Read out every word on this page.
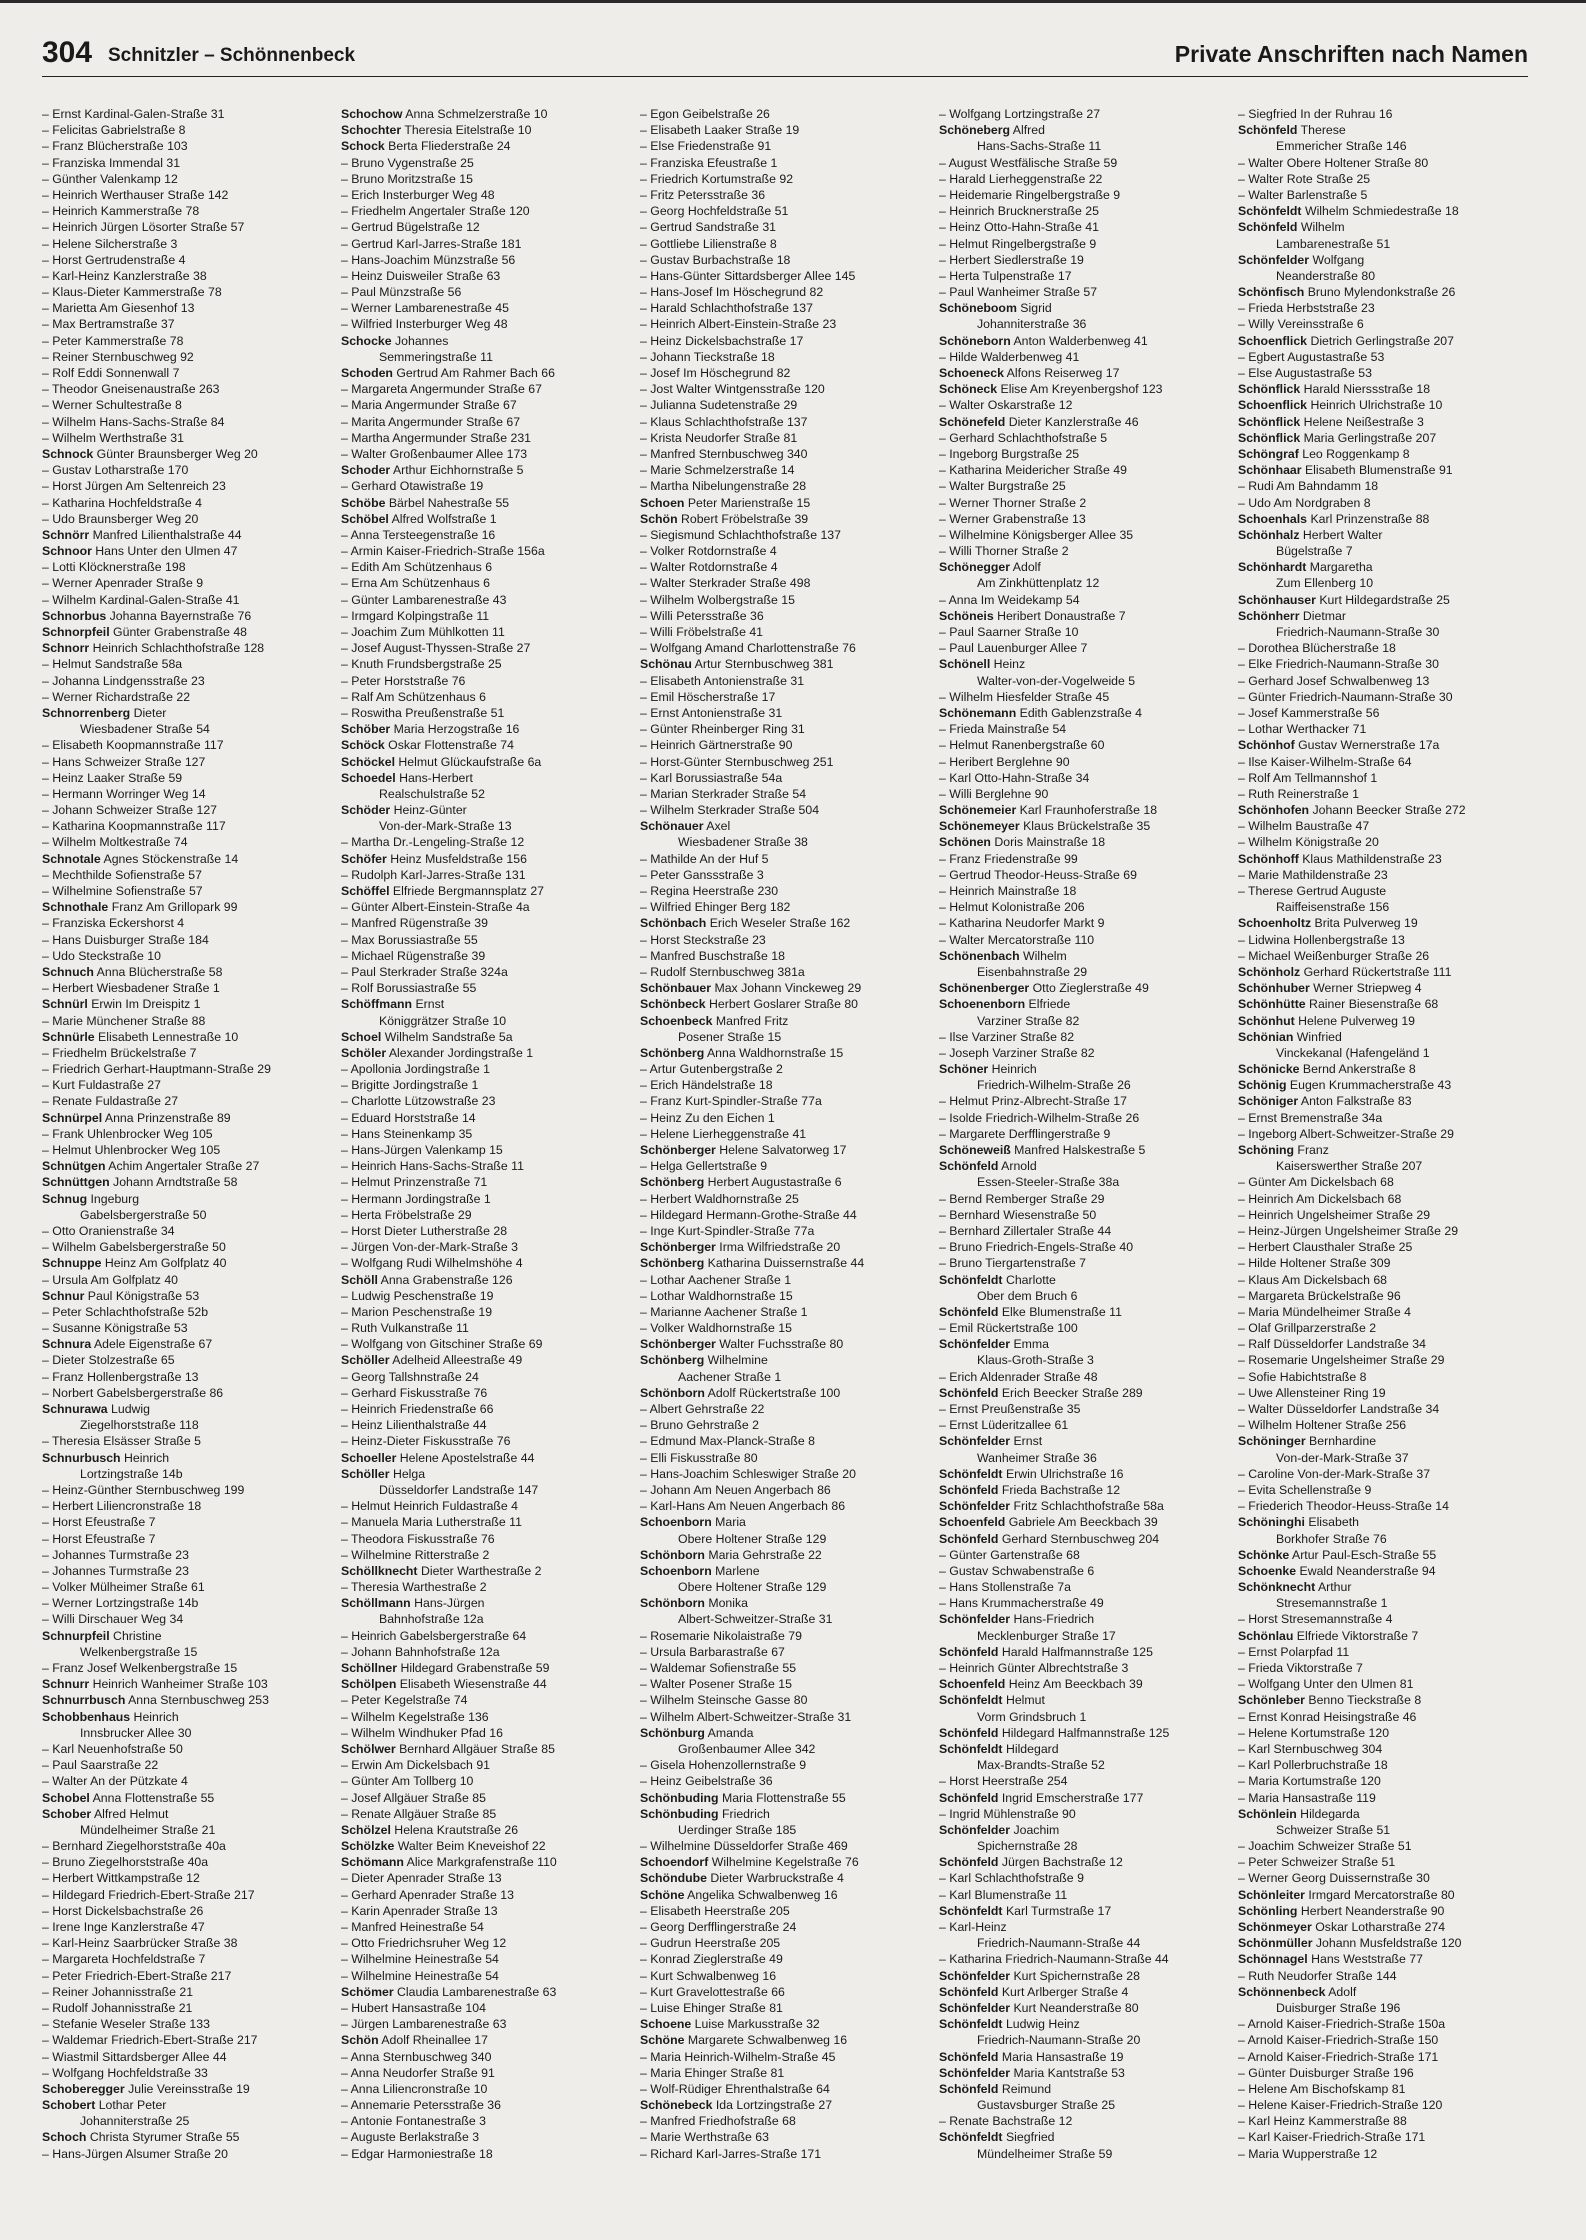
304 Schnitzler – Schönnenbeck	Private Anschriften nach Namen
– Ernst Kardinal-Galen-Straße 31
– Felicitas Gabrielstraße 8
– Franz Blücherstraße 103
– Franziska Immendal 31
– Günther Valenkamp 12
– Heinrich Werthauser Straße 142
– Heinrich Kammerstraße 78
– Heinrich Jürgen Lösorter Straße 57
– Helene Silcherstraße 3
– Horst Gertrudenstraße 4
– Karl-Heinz Kanzlerstraße 38
– Klaus-Dieter Kammerstraße 78
– Marietta Am Giesenhof 13
– Max Bertramstraße 37
– Peter Kammerstraße 78
– Reiner Sternbuschweg 92
– Rolf Eddi Sonnenwall 7
– Theodor Gneisenaustraße 263
– Werner Schultestraße 8
– Wilhelm Hans-Sachs-Straße 84
– Wilhelm Werthstraße 31
Schnock Günter Braunsberger Weg 20
– Gustav Lotharstraße 170
– Horst Jürgen Am Seltenreich 23
– Katharina Hochfeldstraße 4
– Udo Braunsberger Weg 20
Schnörr Manfred Lilienthalstraße 44
Schnoor Hans Unter den Ulmen 47
– Lotti Klöcknerstraße 198
– Werner Apenrader Straße 9
– Wilhelm Kardinal-Galen-Straße 41
Schnorbus Johanna Bayernstraße 76
Schnorpfeil Günter Grabenstraße 48
Schnorr Heinrich Schlachthofstraße 128
– Helmut Sandstraße 58a
– Johanna Lindgensstraße 23
– Werner Richardstraße 22
Schnorrenberg Dieter
Wiesbadener Straße 54
– Elisabeth Koopmannstraße 117
– Hans Schweizer Straße 127
– Heinz Laaker Straße 59
– Hermann Worringer Weg 14
– Johann Schweizer Straße 127
– Katharina Koopmannstraße 117
– Wilhelm Moltkestraße 74
Schnotale Agnes Stöckenstraße 14
– Mechthilde Sofienstraße 57
– Wilhelmine Sofienstraße 57
Schnothale Franz Am Grillopark 99
– Franziska Eckershorst 4
– Hans Duisburger Straße 184
– Udo Steckstraße 10
Schnuch Anna Blücherstraße 58
– Herbert Wiesbadener Straße 1
Schnürl Erwin Im Dreispitz 1
– Marie Münchener Straße 88
Schnürle Elisabeth Lennestraße 10
– Friedhelm Brückelstraße 7
– Friedrich Gerhart-Hauptmann-Straße 29
– Kurt Fuldastraße 27
– Renate Fuldastraße 27
Schnürpel Anna Prinzenstraße 89
– Frank Uhlenbrocker Weg 105
– Helmut Uhlenbrocker Weg 105
Schnütgen Achim Angertaler Straße 27
Schnüttgen Johann Arndtstraße 58
Schnug Ingeburg
Gabelsbergerstraße 50
– Otto Oranienstraße 34
– Wilhelm Gabelsbergerstraße 50
Schnuppe Heinz Am Golfplatz 40
– Ursula Am Golfplatz 40
Schnur Paul Königstraße 53
– Peter Schlachthofstraße 52b
– Susanne Königstraße 53
Schnura Adele Eigenstraße 67
– Dieter Stolzestraße 65
– Franz Hollenbergstraße 13
– Norbert Gabelsbergerstraße 86
Schnurawa Ludwig
Ziegelhorststraße 118
– Theresia Elsässer Straße 5
Schnurbusch Heinrich
Lortzingstraße 14b
– Heinz-Günther Sternbuschweg 199
– Herbert Liliencronstraße 18
– Horst Efeustraße 7
– Horst Efeustraße 7
– Johannes Turmstraße 23
– Johannes Turmstraße 23
– Volker Mülheimer Straße 61
– Werner Lortzingstraße 14b
– Willi Dirschauer Weg 34
Schnurpfeil Christine
Welkenbergstraße 15
– Franz Josef Welkenbergstraße 15
Schnurr Heinrich Wanheimer Straße 103
Schnurrbusch Anna Sternbuschweg 253
Schobbenhaus Heinrich
Innsbrucker Allee 30
– Karl Neuenhofstraße 50
– Paul Saarstraße 22
– Walter An der Pützkate 4
Schobel Anna Flottenstraße 55
Schober Alfred Helmut
Mündelheimer Straße 21
– Bernhard Ziegelhorststraße 40a
– Bruno Ziegelhorststraße 40a
– Herbert Wittkampstraße 12
– Hildegard Friedrich-Ebert-Straße 217
– Horst Dickelsbachstraße 26
– Irene Inge Kanzlerstraße 47
– Karl-Heinz Saarbrücker Straße 38
– Margareta Hochfeldstraße 7
– Peter Friedrich-Ebert-Straße 217
– Reiner Johannisstraße 21
– Rudolf Johannisstraße 21
– Stefanie Weseler Straße 133
– Waldemar Friedrich-Ebert-Straße 217
– Wiastmil Sittardsberger Allee 44
– Wolfgang Hochfeldstraße 33
Schoberegger Julie Vereinsstraße 19
Schobert Lothar Peter
Johanniterstraße 25
Schoch Christa Styrumer Straße 55
– Hans-Jürgen Alsumer Straße 20
Schochow Anna Schmelzerstraße 10
Schochter Theresia Eitelstraße 10
Schock Berta Fliederstraße 24
– Bruno Vygenstraße 25
– Bruno Moritzstraße 15
– Erich Insterburger Weg 48
– Friedhelm Angertaler Straße 120
– Gertrud Bügelstraße 12
– Gertrud Karl-Jarres-Straße 181
– Hans-Joachim Münzstraße 56
– Heinz Duisweiler Straße 63
– Paul Münzstraße 56
– Werner Lambarenestraße 45
– Wilfried Insterburger Weg 48
Schocke Johannes
Semmeringstraße 11
Schoden Gertrud Am Rahmer Bach 66
– Margareta Angermunder Straße 67
– Maria Angermunder Straße 67
– Marita Angermunder Straße 67
– Martha Angermunder Straße 231
– Walter Großenbaumer Allee 173
Schoder Arthur Eichhornstraße 5
– Gerhard Otawistraße 19
Schöbe Bärbel Nahestraße 55
Schöbel Alfred Wolfstraße 1
– Anna Tersteegenstraße 16
– Armin Kaiser-Friedrich-Straße 156a
– Edith Am Schützenhaus 6
– Erna Am Schützenhaus 6
– Günter Lambarenestraße 43
– Irmgard Kolpingstraße 11
– Joachim Zum Mühlkotten 11
– Josef August-Thyssen-Straße 27
– Knuth Frundsbergstraße 25
– Peter Horststraße 76
– Ralf Am Schützenhaus 6
– Roswitha Preußenstraße 51
Schöber Maria Herzogstraße 16
Schöck Oskar Flottenstraße 74
Schöckel Helmut Glückaufstraße 6a
Schoedel Hans-Herbert
Realschulstraße 52
Schöder Heinz-Günter
Von-der-Mark-Straße 13
– Martha Dr.-Lengeling-Straße 12
Schöfer Heinz Musfeldstraße 156
– Rudolph Karl-Jarres-Straße 131
Schöffel Elfriede Bergmannsplatz 27
– Günter Albert-Einstein-Straße 4a
– Manfred Rügenstraße 39
– Max Borussiastraße 55
– Michael Rügenstraße 39
– Paul Sterkrader Straße 324a
– Rolf Borussiastraße 55
Schöffmann Ernst
Königgrätzer Straße 10
Schoel Wilhelm Sandstraße 5a
Schöler Alexander Jordingstraße 1
– Apollonia Jordingstraße 1
– Brigitte Jordingstraße 1
– Charlotte Lützowstraße 23
– Eduard Horststraße 14
– Hans Steinenkamp 35
– Hans-Jürgen Valenkamp 15
– Heinrich Hans-Sachs-Straße 11
– Helmut Prinzenstraße 71
– Hermann Jordingstraße 1
– Herta Fröbelstraße 29
– Horst Dieter Lutherstraße 28
– Jürgen Von-der-Mark-Straße 3
– Wolfgang Rudi Wilhelmshöhe 4
Schöll Anna Grabenstraße 126
– Ludwig Peschenstraße 19
– Marion Peschenstraße 19
– Ruth Vulkanstraße 11
– Wolfgang von Gitschiner Straße 69
Schöller Adelheid Alleestraße 49
– Georg Tallshnstraße 24
– Gerhard Fiskusstraße 76
– Heinrich Friedenstraße 66
– Heinz Lilienthalstraße 44
– Heinz-Dieter Fiskusstraße 76
Schoeller Helene Apostelstraße 44
Schöller Helga
Düsseldorfer Landstraße 147
– Helmut Heinrich Fuldastraße 4
– Manuela Maria Lutherstraße 11
– Theodora Fiskusstraße 76
– Wilhelmine Ritterstraße 2
Schöllknecht Dieter Warthestraße 2
– Theresia Warthestraße 2
Schöllmann Hans-Jürgen
Bahnhofstraße 12a
– Heinrich Gabelsbergerstraße 64
– Johann Bahnhofstraße 12a
Schöllner Hildegard Grabenstraße 59
Schölpen Elisabeth Wiesenstraße 44
– Peter Kegelstraße 74
– Wilhelm Kegelstraße 136
– Wilhelm Windhuker Pfad 16
Schölwer Bernhard Allgäuer Straße 85
– Erwin Am Dickelsbach 91
– Günter Am Tollberg 10
– Josef Allgäuer Straße 85
– Renate Allgäuer Straße 85
Schölzel Helena Krautstraße 26
Schölzke Walter Beim Kneveishof 22
Schömann Alice Markgrafenstraße 110
– Dieter Apenrader Straße 13
– Gerhard Apenrader Straße 13
– Karin Apenrader Straße 13
– Manfred Heinestraße 54
– Otto Friedrichsruher Weg 12
– Wilhelmine Heinestraße 54
– Wilhelmine Heinestraße 54
Schömer Claudia Lambarenestraße 63
– Hubert Hansastraße 104
– Jürgen Lambarenestraße 63
Schön Adolf Rheinallee 17
– Anna Sternbuschweg 340
– Anna Neudorfer Straße 91
– Anna Liliencronstraße 10
– Annemarie Petersstraße 36
– Antonie Fontanestraße 3
– Auguste Berlakstraße 3
– Edgar Harmoniestraße 18
– Egon Geibelstraße 26
– Elisabeth Laaker Straße 19
– Else Friedenstraße 91
– Franziska Efeustraße 1
– Friedrich Kortumstraße 92
– Fritz Petersstraße 36
– Georg Hochfeldstraße 51
– Gertrud Sandstraße 31
– Gottliebe Lilienstraße 8
– Gustav Burbachstraße 18
– Hans-Günter Sittardsberger Allee 145
– Hans-Josef Im Höschegrund 82
– Harald Schlachthofstraße 137
– Heinrich Albert-Einstein-Straße 23
– Heinz Dickelsbachstraße 17
– Johann Tieckstraße 18
– Josef Im Höschegrund 82
– Jost Walter Wintgensstraße 120
– Julianna Sudetenstraße 29
– Klaus Schlachthofstraße 137
– Krista Neudorfer Straße 81
– Manfred Sternbuschweg 340
– Marie Schmelzerstraße 14
– Martha Nibelungenstraße 28
Schoen Peter Marienstraße 15
Schön Robert Fröbelstraße 39
– Siegismund Schlachthofstraße 137
– Volker Rotdornstraße 4
– Walter Rotdornstraße 4
– Walter Sterkrader Straße 498
– Wilhelm Wolbergstraße 15
– Willi Petersstraße 36
– Willi Fröbelstraße 41
– Wolfgang Amand Charlottenstraße 76
Schönau Artur Sternbuschweg 381
– Elisabeth Antonienstraße 31
– Emil Höscherstraße 17
– Ernst Antonienstraße 31
– Günter Rheinberger Ring 31
– Heinrich Gärtnerstraße 90
– Horst-Günter Sternbuschweg 251
– Karl Borussiastraße 54a
– Marian Sterkrader Straße 54
– Wilhelm Sterkrader Straße 504
Schönauer Axel
Wiesbadener Straße 38
– Mathilde An der Huf 5
– Peter Ganssstraße 3
– Regina Heerstraße 230
– Wilfried Ehinger Berg 182
Schönbach Erich Weseler Straße 162
– Horst Steckstraße 23
– Manfred Buschstraße 18
– Rudolf Sternbuschweg 381a
Schönbauer Max Johann Vinckeweg 29
Schönbeck Herbert Goslarer Straße 80
Schoenbeck Manfred Fritz
Posener Straße 15
Schönberg Anna Waldhornstraße 15
– Artur Gutenbergstraße 2
– Erich Händelstraße 18
– Franz Kurt-Spindler-Straße 77a
– Heinz Zu den Eichen 1
– Helene Lierheggenstraße 41
Schönberger Helene Salvatorweg 17
– Helga Gellertstraße 9
Schönberg Herbert Augustastraße 6
– Herbert Waldhornstraße 25
– Hildegard Hermann-Grothe-Straße 44
– Inge Kurt-Spindler-Straße 77a
Schönberger Irma Wilfriedstraße 20
Schönberg Katharina Duissernstraße 44
– Lothar Aachener Straße 1
– Lothar Waldhornstraße 15
– Marianne Aachener Straße 1
– Volker Waldhornstraße 15
Schönberger Walter Fuchsstraße 80
Schönberg Wilhelmine
Aachener Straße 1
Schönborn Adolf Rückertstraße 100
– Albert Gehrstraße 22
– Bruno Gehrstraße 2
– Edmund Max-Planck-Straße 8
– Elli Fiskusstraße 80
– Hans-Joachim Schleswiger Straße 20
– Johann Am Neuen Angerbach 86
– Karl-Hans Am Neuen Angerbach 86
Schoenborn Maria
Obere Holtener Straße 129
Schönborn Maria Gehrstraße 22
Schoenborn Marlene
Obere Holtener Straße 129
Schönborn Monika
Albert-Schweitzer-Straße 31
– Rosemarie Nikolaistraße 79
– Ursula Barbarastraße 67
– Waldemar Sofienstraße 55
– Walter Posener Straße 15
– Wilhelm Steinsche Gasse 80
– Wilhelm Albert-Schweitzer-Straße 31
Schönburg Amanda
Großenbaumer Allee 342
– Gisela Hohenzollernstraße 9
– Heinz Geibelstraße 36
Schönbuding Maria Flottenstraße 55
Schönbuding Friedrich
Uerdinger Straße 185
– Wilhelmine Düsseldorfer Straße 469
Schoendorf Wilhelmine Kegelstraße 76
Schöndube Dieter Warbruckstraße 4
Schöne Angelika Schwalbenweg 16
– Elisabeth Heerstraße 205
– Georg Derfflingerstraße 24
– Gudrun Heerstraße 205
– Konrad Zieglerstraße 49
– Kurt Schwalbenweg 16
– Kurt Gravelottestraße 66
– Luise Ehinger Straße 81
Schoene Luise Markusstraße 32
Schöne Margarete Schwalbenweg 16
– Maria Heinrich-Wilhelm-Straße 45
– Maria Ehinger Straße 81
– Wolf-Rüdiger Ehrenthalstraße 64
Schönebeck Ida Lortzingstraße 27
– Manfred Friedhofstraße 68
– Marie Werthstraße 63
– Richard Karl-Jarres-Straße 171
– Wolfgang Lortzingstraße 27
Schöneberg Alfred
Hans-Sachs-Straße 11
– August Westfälische Straße 59
– Harald Lierheggenstraße 22
– Heidemarie Ringelbergstraße 9
– Heinrich Brucknerstraße 25
– Heinz Otto-Hahn-Straße 41
– Helmut Ringelbergstraße 9
– Herbert Siedlerstraße 19
– Herta Tulpenstraße 17
– Paul Wanheimer Straße 57
Schöneboom Sigrid
Johanniterstraße 36
Schöneborn Anton Walderbenweg 41
– Hilde Walderbenweg 41
Schoeneck Alfons Reiserweg 17
Schöneck Elise Am Kreyenbergshof 123
– Walter Oskarstraße 12
Schönefeld Dieter Kanzlerstraße 46
– Gerhard Schlachthofstraße 5
– Ingeborg Burgstraße 25
– Katharina Meidericher Straße 49
– Walter Burgstraße 25
– Werner Thorner Straße 2
– Werner Grabenstraße 13
– Wilhelmine Königsberger Allee 35
– Willi Thorner Straße 2
Schönegger Adolf
Am Zinkhüttenplatz 12
– Anna Im Weidekamp 54
Schöneis Heribert Donaustraße 7
– Paul Saarner Straße 10
– Paul Lauenburger Allee 7
Schönell Heinz
Walter-von-der-Vogelweide 5
– Wilhelm Hiesfelder Straße 45
Schönemann Edith Gablenzstraße 4
– Frieda Mainstraße 54
– Helmut Ranenbergstraße 60
– Heribert Berglehne 90
– Karl Otto-Hahn-Straße 34
– Willi Berglehne 90
Schönemeier Karl Fraunhoferstraße 18
Schönemeyer Klaus Brückelstraße 35
Schönen Doris Mainstraße 18
– Franz Friedenstraße 99
– Gertrud Theodor-Heuss-Straße 69
– Heinrich Mainstraße 18
– Helmut Kolonistraße 206
– Katharina Neudorfer Markt 9
– Walter Mercatorstraße 110
Schönenbach Wilhelm
Eisenbahnstraße 29
Schönenberger Otto Zieglerstraße 49
Schoenenborn Elfriede
Varziner Straße 82
– Ilse Varziner Straße 82
– Joseph Varziner Straße 82
Schöner Heinrich
Friedrich-Wilhelm-Straße 26
– Helmut Prinz-Albrecht-Straße 17
– Isolde Friedrich-Wilhelm-Straße 26
– Margarete Derfflingerstraße 9
Schöneweiß Manfred Halskestraße 5
Schönfeld Arnold
Essen-Steeler-Straße 38a
– Bernd Remberger Straße 29
– Bernhard Wiesenstraße 50
– Bernhard Zillertaler Straße 44
– Bruno Friedrich-Engels-Straße 40
– Bruno Tiergartenstraße 7
Schönfeldt Charlotte
Ober dem Bruch 6
Schönfeld Elke Blumenstraße 11
– Emil Rückertstraße 100
Schönfelder Emma
Klaus-Groth-Straße 3
– Erich Aldenrader Straße 48
Schönfeld Erich Beecker Straße 289
– Ernst Preußenstraße 35
– Ernst Lüderitzallee 61
Schönfelder Ernst
Wanheimer Straße 36
Schönfeldt Erwin Ulrichstraße 16
Schönfeld Frieda Bachstraße 12
Schönfelder Fritz Schlachthofstraße 58a
Schoenfeld Gabriele Am Beeckbach 39
Schönfeld Gerhard Sternbuschweg 204
– Günter Gartenstraße 68
– Gustav Schwabenstraße 6
– Hans Stollenstraße 7a
– Hans Krummacherstraße 49
Schönfelder Hans-Friedrich
Mecklenburger Straße 17
Schönfeld Harald Halfmannstraße 125
– Heinrich Günter Albrechtstraße 3
Schoenfeld Heinz Am Beeckbach 39
Schönfeldt Helmut
Vorm Grindsbruch 1
Schönfeld Hildegard Halfmannstraße 125
Schönfeldt Hildegard
Max-Brandts-Straße 52
– Horst Heerstraße 254
Schönfeld Ingrid Emscherstraße 177
– Ingrid Mühlenstraße 90
Schönfelder Joachim
Spichernstraße 28
Schönfeld Jürgen Bachstraße 12
– Karl Schlachthofstraße 9
– Karl Blumenstraße 11
Schönfeldt Karl Turmstraße 17
– Karl-Heinz
Friedrich-Naumann-Straße 44
– Katharina Friedrich-Naumann-Straße 44
Schönfelder Kurt Spichernstraße 28
Schönfeld Kurt Arlberger Straße 4
Schönfelder Kurt Neanderstraße 80
Schönfeldt Ludwig Heinz
Friedrich-Naumann-Straße 20
Schönfeld Maria Hansastraße 19
Schönfelder Maria Kantstraße 53
Schönfeld Reimund
Gustavsburger Straße 25
– Renate Bachstraße 12
Schönfeldt Siegfried
Mündelheimer Straße 59
– Siegfried In der Ruhrau 16
Schönfeld Therese
Emmericher Straße 146
– Walter Obere Holtener Straße 80
– Walter Rote Straße 25
– Walter Barlenstraße 5
Schönfeldt Wilhelm Schmiedestraße 18
Schönfeld Wilhelm
Lambarenestraße 51
Schönfelder Wolfgang
Neanderstraße 80
Schönfisch Bruno Mylendonkstraße 26
– Frieda Herbststraße 23
– Willy Vereinsstraße 6
Schoenflick Dietrich Gerlingstraße 207
– Egbert Augustastraße 53
– Else Augustastraße 53
Schönflick Harald Nierssstraße 18
Schoenflick Heinrich Ulrichstraße 10
Schönflick Helene Neißestraße 3
Schönflick Maria Gerlingstraße 207
Schöngraf Leo Roggenkamp 8
Schönhaar Elisabeth Blumenstraße 91
– Rudi Am Bahndamm 18
– Udo Am Nordgraben 8
Schoenhals Karl Prinzenstraße 88
Schönhalz Herbert Walter
Bügelstraße 7
Schönhardt Margaretha
Zum Ellenberg 10
Schönhauser Kurt Hildegardstraße 25
Schönherr Dietmar
Friedrich-Naumann-Straße 30
– Dorothea Blücherstraße 18
– Elke Friedrich-Naumann-Straße 30
– Gerhard Josef Schwalbenweg 13
– Günter Friedrich-Naumann-Straße 30
– Josef Kammerstraße 56
– Lothar Werthacker 71
Schönhof Gustav Wernerstraße 17a
– Ilse Kaiser-Wilhelm-Straße 64
– Rolf Am Tellmannshof 1
– Ruth Reinerstraße 1
Schönhofen Johann Beecker Straße 272
– Wilhelm Baustraße 47
– Wilhelm Königstraße 20
Schönhoff Klaus Mathildenstraße 23
– Marie Mathildenstraße 23
– Therese Gertrud Auguste
Raiffeisenstraße 156
Schoenholtz Brita Pulverweg 19
– Lidwina Hollenbergstraße 13
– Michael Weißenburger Straße 26
Schönholz Gerhard Rückertstraße 111
Schönhuber Werner Striepweg 4
Schönhütte Rainer Biesenstraße 68
Schönhut Helene Pulverweg 19
Schönian Winfried
Vinckekanal (Hafengeländ 1
Schönicke Bernd Ankerstraße 8
Schönig Eugen Krummacherstraße 43
Schöniger Anton Falkstraße 83
– Ernst Bremenstraße 34a
– Ingeborg Albert-Schweitzer-Straße 29
Schöning Franz
Kaiserswerther Straße 207
– Günter Am Dickelsbach 68
– Heinrich Am Dickelsbach 68
– Heinrich Ungelsheimer Straße 29
– Heinz-Jürgen Ungelsheimer Straße 29
– Herbert Clausthaler Straße 25
– Hilde Holtener Straße 309
– Klaus Am Dickelsbach 68
– Margareta Brückelstraße 96
– Maria Mündelheimer Straße 4
– Olaf Grillparzerstraße 2
– Ralf Düsseldorfer Landstraße 34
– Rosemarie Ungelsheimer Straße 29
– Sofie Habichtstraße 8
– Uwe Allensteiner Ring 19
– Walter Düsseldorfer Landstraße 34
– Wilhelm Holtener Straße 256
Schöninger Bernhardine
Von-der-Mark-Straße 37
– Caroline Von-der-Mark-Straße 37
– Evita Schellenstraße 9
– Friederich Theodor-Heuss-Straße 14
Schöninghi Elisabeth
Borkhofer Straße 76
Schönke Artur Paul-Esch-Straße 55
Schoenke Ewald Neanderstraße 94
Schönknecht Arthur
Stresemannstraße 1
– Horst Stresemannstraße 4
Schönlau Elfriede Viktorstraße 7
– Ernst Polarpfad 11
– Frieda Viktorstraße 7
– Wolfgang Unter den Ulmen 81
Schönleber Benno Tieckstraße 8
– Ernst Konrad Heisingstraße 46
– Helene Kortumstraße 120
– Karl Sternbuschweg 304
– Karl Pollerbruchstraße 18
– Maria Kortumstraße 120
– Maria Hansastraße 119
Schönlein Hildegarda
Schweizer Straße 51
– Joachim Schweizer Straße 51
– Peter Schweizer Straße 51
– Werner Georg Duissernstraße 30
Schönleiter Irmgard Mercatorstraße 80
Schönling Herbert Neanderstraße 90
Schönmeyer Oskar Lotharstraße 274
Schönmüller Johann Musfeldstraße 120
Schönnagel Hans Weststraße 77
– Ruth Neudorfer Straße 144
Schönnenbeck Adolf
Duisburger Straße 196
– Arnold Kaiser-Friedrich-Straße 150a
– Arnold Kaiser-Friedrich-Straße 150
– Arnold Kaiser-Friedrich-Straße 171
– Günter Duisburger Straße 196
– Helene Am Bischofskamp 81
– Helene Kaiser-Friedrich-Straße 120
– Karl Heinz Kammerstraße 88
– Karl Kaiser-Friedrich-Straße 171
– Maria Wupperstraße 12
